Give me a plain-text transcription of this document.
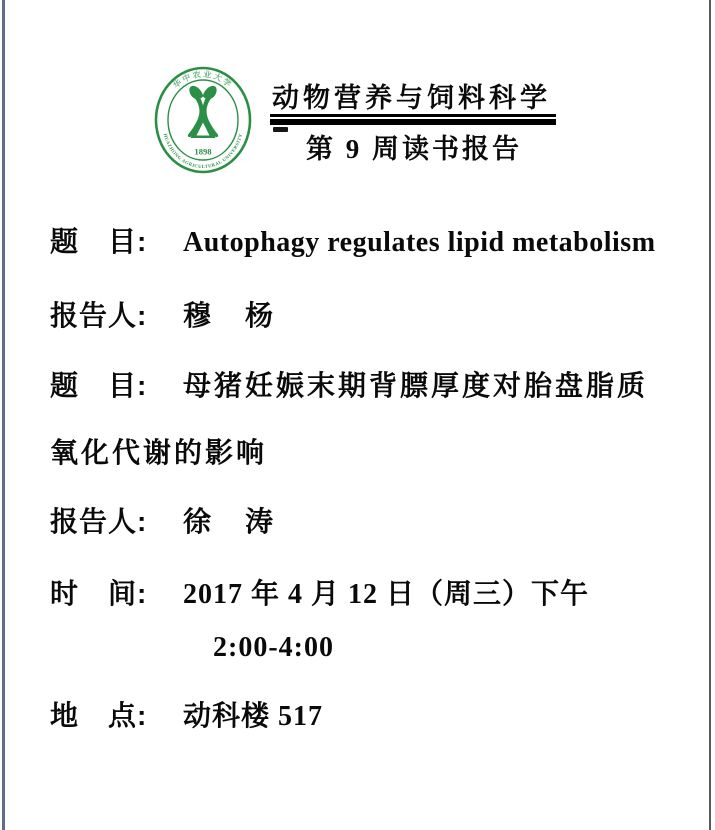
华中农业大学
HUAZHONG AGRICULTURAL UNIVERSITY
1898
动物营养与饲料科学
第 9 周读书报告
题　目: Autophagy regulates lipid metabolism
报告人: 穆　杨
题　目: 母猪妊娠末期背膘厚度对胎盘脂质
氧化代谢的影响
报告人: 徐　涛
时　间: 2017 年 4 月 12 日（周三）下午
2:00-4:00
地　点: 动科楼 517
